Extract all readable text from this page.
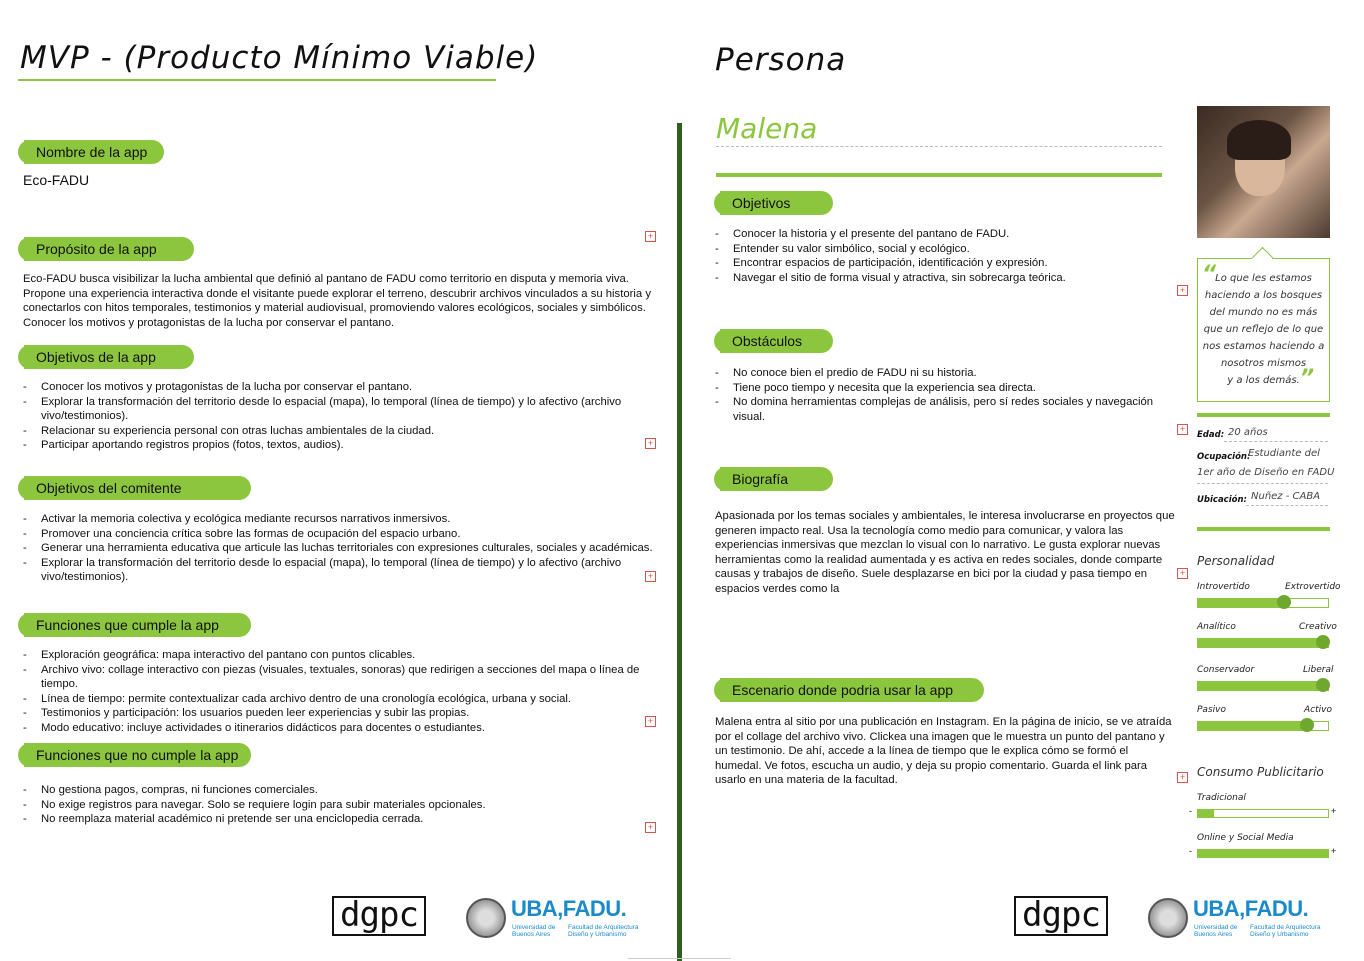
MVP - (Producto Mínimo Viable)
Nombre de la app
Eco-FADU
Propósito de la app
+
Eco-FADU busca visibilizar la lucha ambiental que definió al pantano de FADU como territorio en disputa y memoria viva. Propone una experiencia interactiva donde el visitante puede explorar el terreno, descubrir archivos vinculados a su historia y conectarlos con hitos temporales, testimonios y material audiovisual, promoviendo valores ecológicos, sociales y simbólicos. Conocer los motivos y protagonistas de la lucha por conservar el pantano.
Objetivos de la app
- Conocer los motivos y protagonistas de la lucha por conservar el pantano.
- Explorar la transformación del territorio desde lo espacial (mapa), lo temporal (línea de tiempo) y lo afectivo (archivo vivo/testimonios).
- Relacionar su experiencia personal con otras luchas ambientales de la ciudad.
- Participar aportando registros propios (fotos, textos, audios).	+
Objetivos del comitente
- Activar la memoria colectiva y ecológica mediante recursos narrativos inmersivos.
- Promover una conciencia crítica sobre las formas de ocupación del espacio urbano.
- Generar una herramienta educativa que articule las luchas territoriales con expresiones culturales, sociales y académicas.
- Explorar la transformación del territorio desde lo espacial (mapa), lo temporal (línea de tiempo) y lo afectivo (archivo vivo/testimonios).	+
Funciones que cumple la app
- Exploración geográfica: mapa interactivo del pantano con puntos clicables.
- Archivo vivo: collage interactivo con piezas (visuales, textuales, sonoras) que redirigen a secciones del mapa o línea de tiempo.
- Línea de tiempo: permite contextualizar cada archivo dentro de una cronología ecológica, urbana y social.
- Testimonios y participación: los usuarios pueden leer experiencias y subir las propias.
- Modo educativo: incluye actividades o itinerarios didácticos para docentes o estudiantes.
+
Funciones que no cumple la app
- No gestiona pagos, compras, ni funciones comerciales.
- No exige registros para navegar. Solo se requiere login para subir materiales opcionales.
- No reemplaza material académico ni pretende ser una enciclopedia cerrada.
+
dgpc	UBA,FADU.
Universidad de Buenos Aires
Facultad de Arquitectura Diseño y Urbanismo
Persona
Malena
Objetivos
- Conocer la historia y el presente del pantano de FADU.
- Entender su valor simbólico, social y ecológico.
- Encontrar espacios de participación, identificación y expresión.
- Navegar el sitio de forma visual y atractiva, sin sobrecarga teórica.
+
Obstáculos
- No conoce bien el predio de FADU ni su historia.
- Tiene poco tiempo y necesita que la experiencia sea directa.
- No domina herramientas complejas de análisis, pero sí redes sociales y navegación visual.
+
Biografía
Apasionada por los temas sociales y ambientales, le interesa involucrarse en proyectos que generen impacto real. Usa la tecnología como medio para comunicar, y valora las experiencias inmersivas que mezclan lo visual con lo narrativo. Le gusta explorar nuevas herramientas como la realidad aumentada y es activa en redes sociales, donde comparte causas y trabajos de diseño. Suele desplazarse en bici por la ciudad y pasa tiempo en espacios verdes como la
+
Escenario donde podria usar la app
Malena entra al sitio por una publicación en Instagram. En la página de inicio, se ve atraída por el collage del archivo vivo. Clickea una imagen que le muestra un punto del pantano y un testimonio. De ahí, accede a la línea de tiempo que le explica cómo se formó el humedal. Ve fotos, escucha un audio, y deja su propio comentario. Guarda el link para usarlo en una materia de la facultad.	+
“
”
Lo que les estamos
haciendo a los bosques
del mundo no es más
que un reflejo de lo que
nos estamos haciendo a
nosotros mismos
y a los demás.
Edad: 20 años
Ocupación:
Estudiante del
1er año de Diseño en FADU
Ubicación: Nuñez - CABA
Personalidad
Introvertido	Extrovertido
Analítico	Creativo
Conservador	Liberal
Pasivo	Activo
Consumo Publicitario
Tradicional
-	+
Online y Social Media
-	+
dgpc	UBA,FADU.
Universidad de Buenos Aires
Facultad de Arquitectura Diseño y Urbanismo
